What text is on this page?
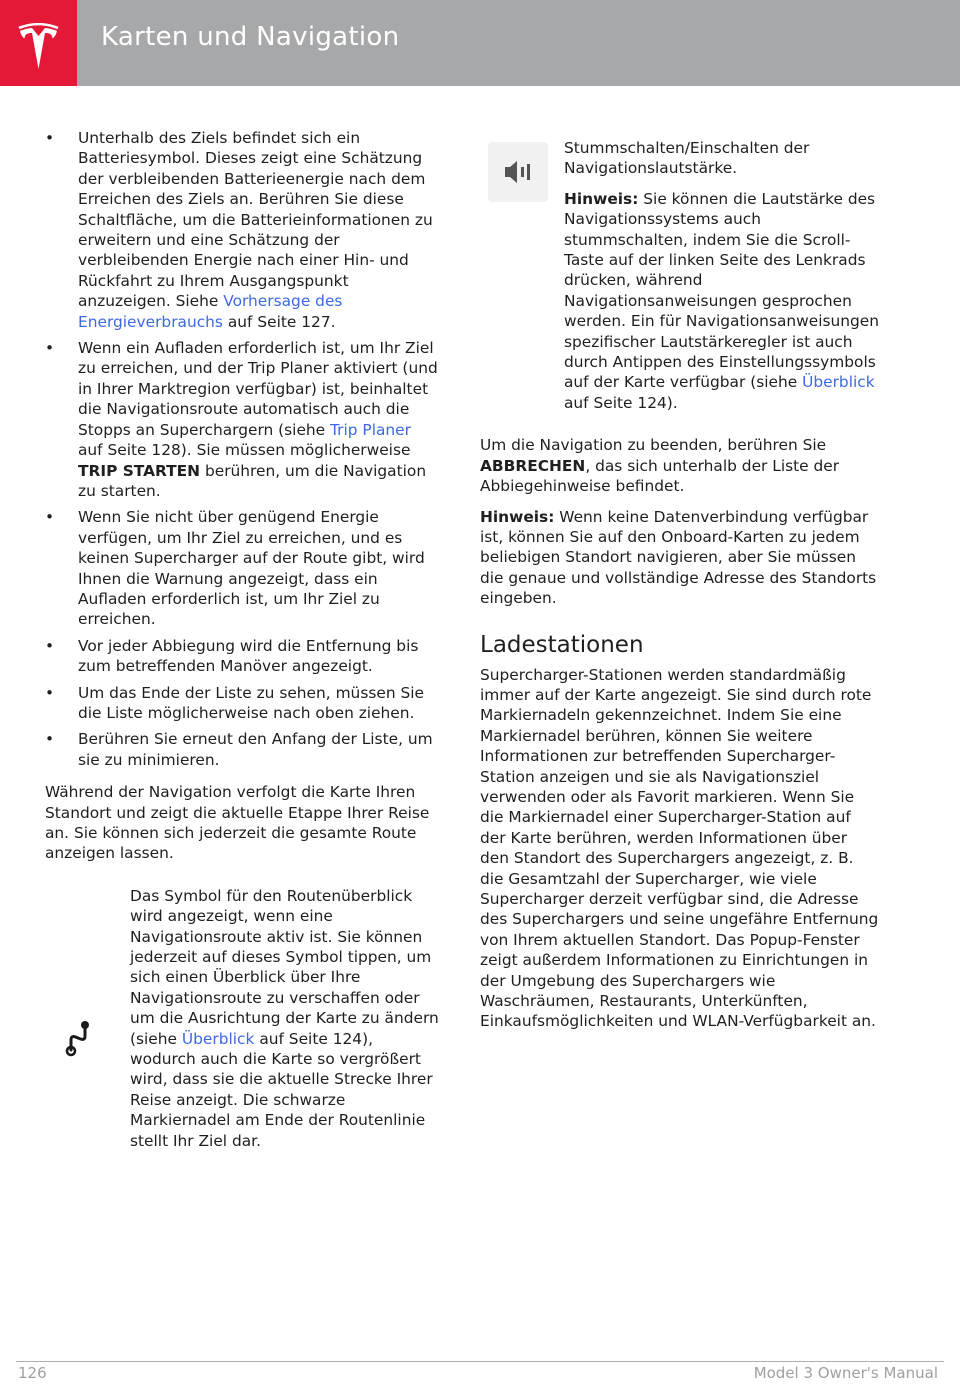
Karten und Navigation
• Unterhalb des Ziels befindet sich ein Batteriesymbol. Dieses zeigt eine Schätzung der verbleibenden Batterieenergie nach dem Erreichen des Ziels an. Berühren Sie diese Schaltfläche, um die Batterieinformationen zu erweitern und eine Schätzung der verbleibenden Energie nach einer Hin- und Rückfahrt zu Ihrem Ausgangspunkt anzuzeigen. Siehe Vorhersage des Energieverbrauchs auf Seite 127.
• Wenn ein Aufladen erforderlich ist, um Ihr Ziel zu erreichen, und der Trip Planer aktiviert (und in Ihrer Marktregion verfügbar) ist, beinhaltet die Navigationsroute automatisch auch die Stopps an Superchargern (siehe Trip Planer auf Seite 128). Sie müssen möglicherweise TRIP STARTEN berühren, um die Navigation zu starten.
• Wenn Sie nicht über genügend Energie verfügen, um Ihr Ziel zu erreichen, und es keinen Supercharger auf der Route gibt, wird Ihnen die Warnung angezeigt, dass ein Aufladen erforderlich ist, um Ihr Ziel zu erreichen.
• Vor jeder Abbiegung wird die Entfernung bis zum betreffenden Manöver angezeigt.
• Um das Ende der Liste zu sehen, müssen Sie die Liste möglicherweise nach oben ziehen.
• Berühren Sie erneut den Anfang der Liste, um sie zu minimieren.

Während der Navigation verfolgt die Karte Ihren Standort und zeigt die aktuelle Etappe Ihrer Reise an. Sie können sich jederzeit die gesamte Route anzeigen lassen.

Das Symbol für den Routenüberblick wird angezeigt, wenn eine Navigationsroute aktiv ist. Sie können jederzeit auf dieses Symbol tippen, um sich einen Überblick über Ihre Navigationsroute zu verschaffen oder um die Ausrichtung der Karte zu ändern (siehe Überblick auf Seite 124), wodurch auch die Karte so vergrößert wird, dass sie die aktuelle Strecke Ihrer Reise anzeigt. Die schwarze Markiernadel am Ende der Routenlinie stellt Ihr Ziel dar.

Stummschalten/Einschalten der Navigationslautstärke.

Hinweis: Sie können die Lautstärke des Navigationssystems auch stummschalten, indem Sie die Scroll-Taste auf der linken Seite des Lenkrads drücken, während Navigationsanweisungen gesprochen werden. Ein für Navigationsanweisungen spezifischer Lautstärkeregler ist auch durch Antippen des Einstellungssymbols auf der Karte verfügbar (siehe Überblick auf Seite 124).

Um die Navigation zu beenden, berühren Sie ABBRECHEN, das sich unterhalb der Liste der Abbiegehinweise befindet.

Hinweis: Wenn keine Datenverbindung verfügbar ist, können Sie auf den Onboard-Karten zu jedem beliebigen Standort navigieren, aber Sie müssen die genaue und vollständige Adresse des Standorts eingeben.

Ladestationen

Supercharger-Stationen werden standardmäßig immer auf der Karte angezeigt. Sie sind durch rote Markiernadeln gekennzeichnet. Indem Sie eine Markiernadel berühren, können Sie weitere Informationen zur betreffenden Supercharger-Station anzeigen und sie als Navigationsziel verwenden oder als Favorit markieren. Wenn Sie die Markiernadel einer Supercharger-Station auf der Karte berühren, werden Informationen über den Standort des Superchargers angezeigt, z. B. die Gesamtzahl der Supercharger, wie viele Supercharger derzeit verfügbar sind, die Adresse des Superchargers und seine ungefähre Entfernung von Ihrem aktuellen Standort. Das Popup-Fenster zeigt außerdem Informationen zu Einrichtungen in der Umgebung des Superchargers wie Waschräumen, Restaurants, Unterkünften, Einkaufsmöglichkeiten und WLAN-Verfügbarkeit an.

126	Model 3 Owner's Manual
